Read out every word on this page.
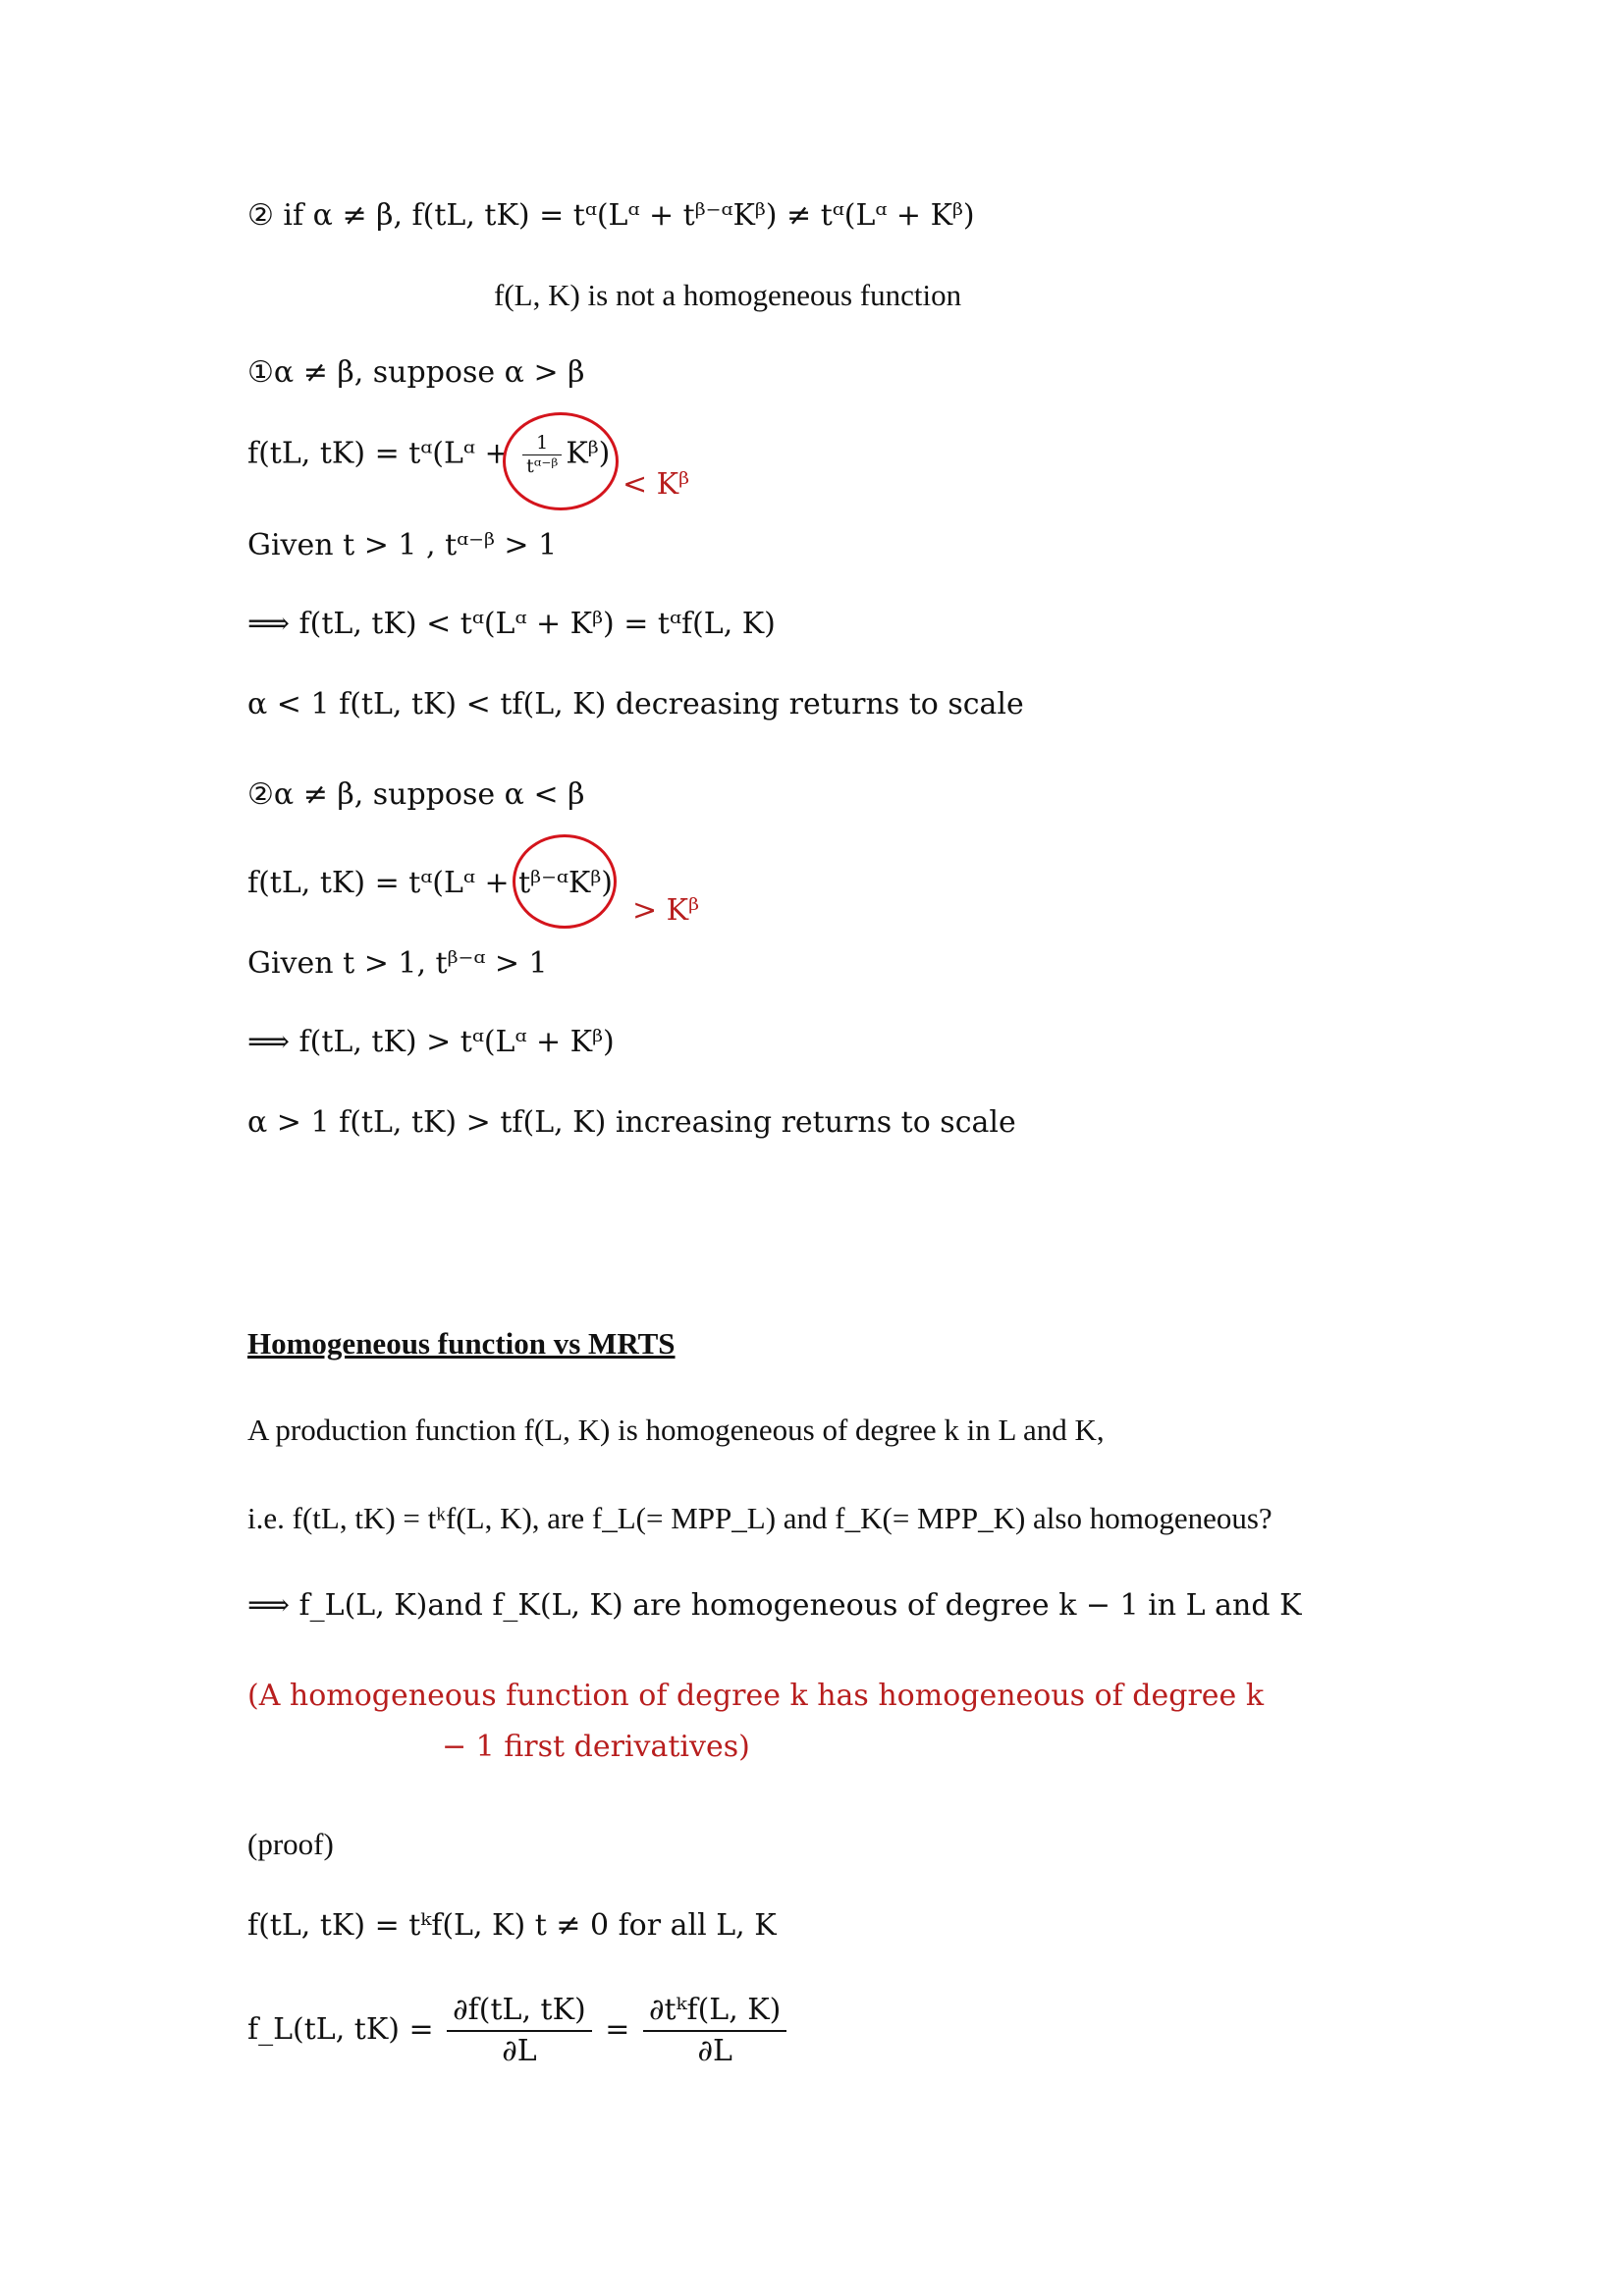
② if α ≠ β, f(tL, tK) = tᵅ(Lᵅ + tᵝ⁻ᵅKᵝ) ≠ tᵅ(Lᵅ + Kᵝ)
f(L, K) is not a homogeneous function
①α ≠ β, suppose α > β
f(tL, tK) = tᵅ(Lᵅ + $\frac{1}{\text{tᵅ⁻ᵝ}}$ Kᵝ)
< Kᵝ
Given t > 1 , tᵅ⁻ᵝ > 1
⟹ f(tL, tK) < tᵅ(Lᵅ + Kᵝ) = tᵅf(L, K)
α < 1 f(tL, tK) < tf(L, K) decreasing returns to scale
②α ≠ β, suppose α < β
f(tL, tK) = tᵅ(Lᵅ + tᵝ⁻ᵅKᵝ)
> Kᵝ
Given t > 1, tᵝ⁻ᵅ > 1
⟹ f(tL, tK) > tᵅ(Lᵅ + Kᵝ)
α > 1 f(tL, tK) > tf(L, K) increasing returns to scale
Homogeneous function vs MRTS
A production function f(L, K) is homogeneous of degree k in L and K,
i.e. f(tL, tK) = tᵏf(L, K), are f_L(= MPP_L) and f_K(= MPP_K) also homogeneous?
⟹ f_L(L, K)and f_K(L, K) are homogeneous of degree k − 1 in L and K
(A homogeneous function of degree k has homogeneous of degree k
− 1 first derivatives)
(proof)
f(tL, tK) = tᵏf(L, K) t ≠ 0 for all L, K
f_L(tL, $tK) = \frac{\partial f(tL, tK)}{\partial L} = \frac{\text{∂tᵏf(L, K)}}{\partial L}$
